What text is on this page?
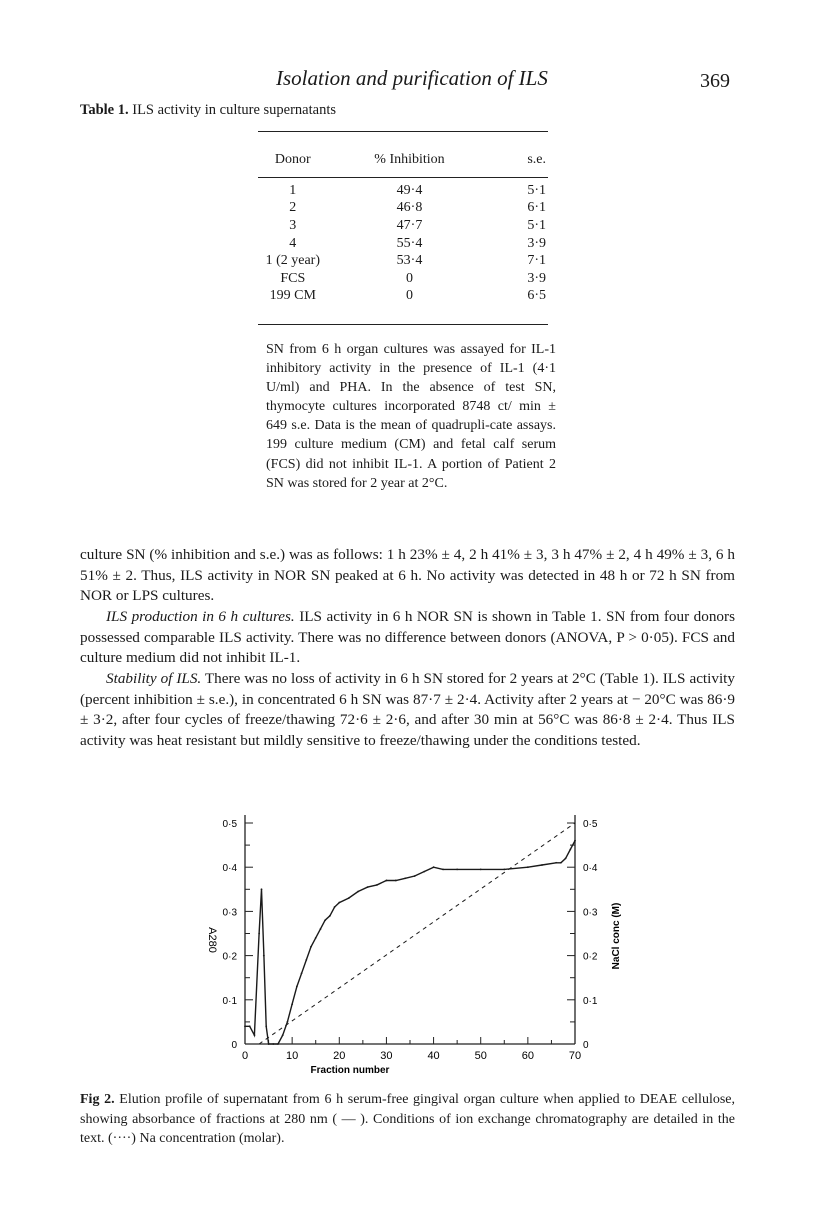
Isolation and purification of ILS	369
Table 1. ILS activity in culture supernatants
Donor	% Inhibition	s.e.

1	49·4	5·1
2	46·8	6·1
3	47·7	5·1
4	55·4	3·9
1 (2 year)	53·4	7·1
FCS	0	3·9
199 CM	0	6·5
SN from 6 h organ cultures was assayed for IL-1 inhibitory activity in the presence of IL-1 (4·1 U/ml) and PHA. In the absence of test SN, thymocyte cultures incorporated 8748 ct/ min ± 649 s.e. Data is the mean of quadrupli-cate assays. 199 culture medium (CM) and fetal calf serum (FCS) did not inhibit IL-1. A portion of Patient 2 SN was stored for 2 year at 2°C.
culture SN (% inhibition and s.e.) was as follows: 1 h 23% ± 4, 2 h 41% ± 3, 3 h 47% ± 2, 4 h 49% ± 3, 6 h 51% ± 2. Thus, ILS activity in NOR SN peaked at 6 h. No activity was detected in 48 h or 72 h SN from NOR or LPS cultures.
ILS production in 6 h cultures. ILS activity in 6 h NOR SN is shown in Table 1. SN from four donors possessed comparable ILS activity. There was no difference between donors (ANOVA, P > 0·05). FCS and culture medium did not inhibit IL-1.
Stability of ILS. There was no loss of activity in 6 h SN stored for 2 years at 2°C (Table 1). ILS activity (percent inhibition ± s.e.), in concentrated 6 h SN was 87·7 ± 2·4. Activity after 2 years at − 20°C was 86·9 ± 3·2, after four cycles of freeze/thawing 72·6 ± 2·6, and after 30 min at 56°C was 86·8 ± 2·4. Thus ILS activity was heat resistant but mildly sensitive to freeze/thawing under the conditions tested.
0
0·1
0·2
0·3
0·4
0·5
0
0·1
0·2
0·3
0·4
0·5
0	10	20	30	40	50	60	70
Fraction number
A280	NaCl conc (M)
Fig 2. Elution profile of supernatant from 6 h serum-free gingival organ culture when applied to DEAE cellulose, showing absorbance of fractions at 280 nm ( — ). Conditions of ion exchange chromatography are detailed in the text. (····) Na concentration (molar).
